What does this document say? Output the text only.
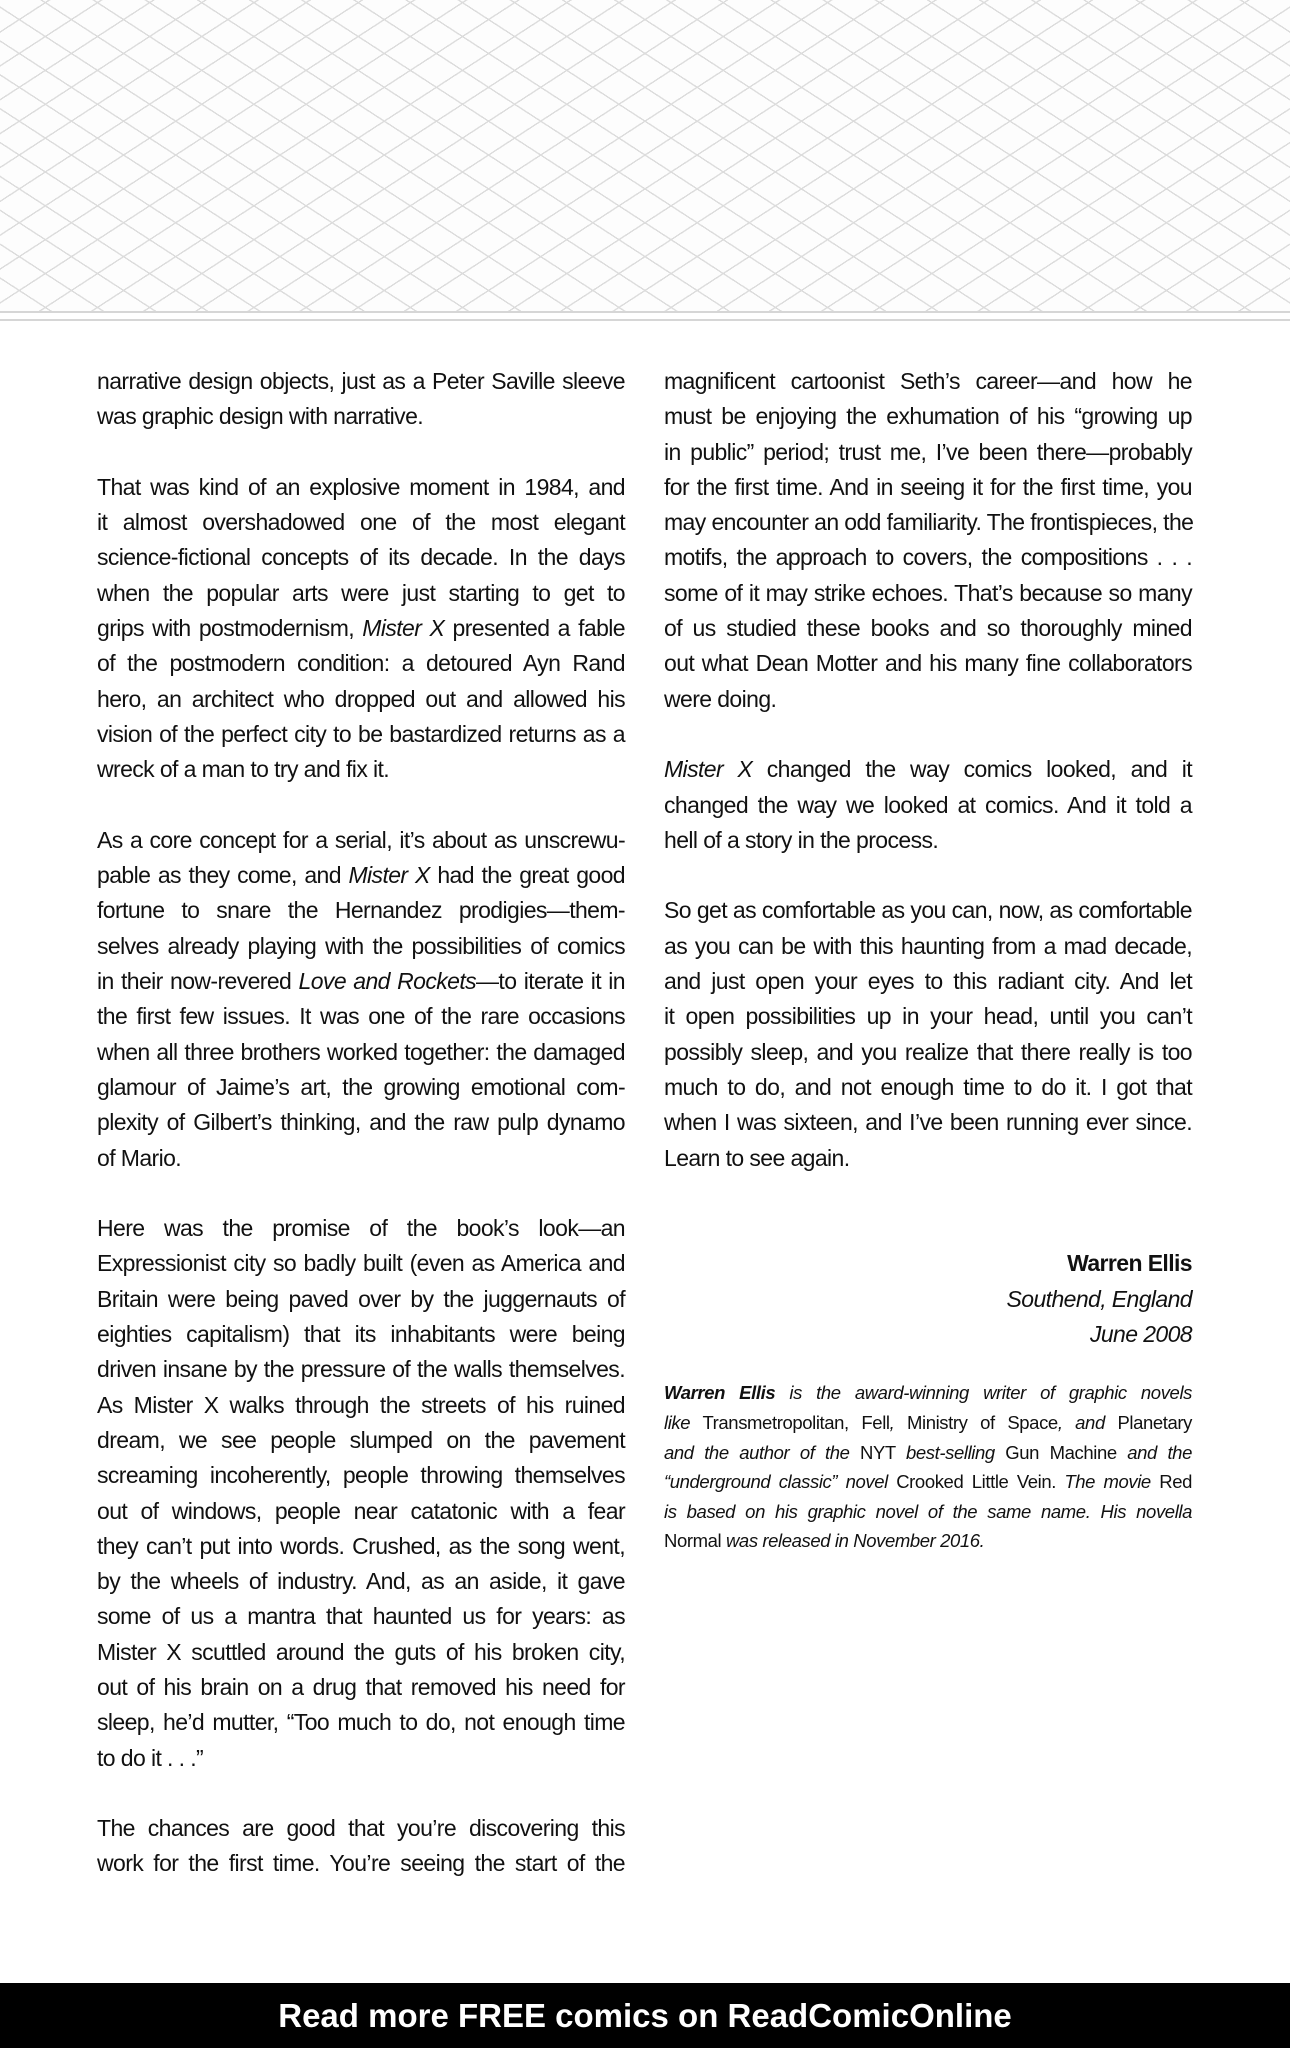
narrative design objects, just as a Peter Saville sleeve
was graphic design with narrative.
That was kind of an explosive moment in 1984, and
it almost overshadowed one of the most elegant
science-fictional concepts of its decade. In the days
when the popular arts were just starting to get to
grips with postmodernism, Mister X presented a fable
of the postmodern condition: a detoured Ayn Rand
hero, an architect who dropped out and allowed his
vision of the perfect city to be bastardized returns as a
wreck of a man to try and fix it.
As a core concept for a serial, it’s about as unscrewu-
pable as they come, and Mister X had the great good
fortune to snare the Hernandez prodigies—them-
selves already playing with the possibilities of comics
in their now-revered Love and Rockets—to iterate it in
the first few issues. It was one of the rare occasions
when all three brothers worked together: the damaged
glamour of Jaime’s art, the growing emotional com-
plexity of Gilbert’s thinking, and the raw pulp dynamo
of Mario.
Here was the promise of the book’s look—an
Expressionist city so badly built (even as America and
Britain were being paved over by the juggernauts of
eighties capitalism) that its inhabitants were being
driven insane by the pressure of the walls themselves.
As Mister X walks through the streets of his ruined
dream, we see people slumped on the pavement
screaming incoherently, people throwing themselves
out of windows, people near catatonic with a fear
they can’t put into words. Crushed, as the song went,
by the wheels of industry. And, as an aside, it gave
some of us a mantra that haunted us for years: as
Mister X scuttled around the guts of his broken city,
out of his brain on a drug that removed his need for
sleep, he’d mutter, “Too much to do, not enough time
to do it . . .”
The chances are good that you’re discovering this
work for the first time. You’re seeing the start of the
magnificent cartoonist Seth’s career—and how he
must be enjoying the exhumation of his “growing up
in public” period; trust me, I’ve been there—probably
for the first time. And in seeing it for the first time, you
may encounter an odd familiarity. The frontispieces, the
motifs, the approach to covers, the compositions . . .
some of it may strike echoes. That’s because so many
of us studied these books and so thoroughly mined
out what Dean Motter and his many fine collaborators
were doing.
Mister X changed the way comics looked, and it
changed the way we looked at comics. And it told a
hell of a story in the process.
So get as comfortable as you can, now, as comfortable
as you can be with this haunting from a mad decade,
and just open your eyes to this radiant city. And let
it open possibilities up in your head, until you can’t
possibly sleep, and you realize that there really is too
much to do, and not enough time to do it. I got that
when I was sixteen, and I’ve been running ever since.
Learn to see again.
Warren Ellis
Southend, England
June 2008
Warren Ellis is the award-winning writer of graphic novels
like Transmetropolitan, Fell, Ministry of Space, and Planetary
and the author of the NYT best-selling Gun Machine and the
“underground classic” novel Crooked Little Vein. The movie Red
is based on his graphic novel of the same name. His novella
Normal was released in November 2016.
Read more FREE comics on ReadComicOnline
